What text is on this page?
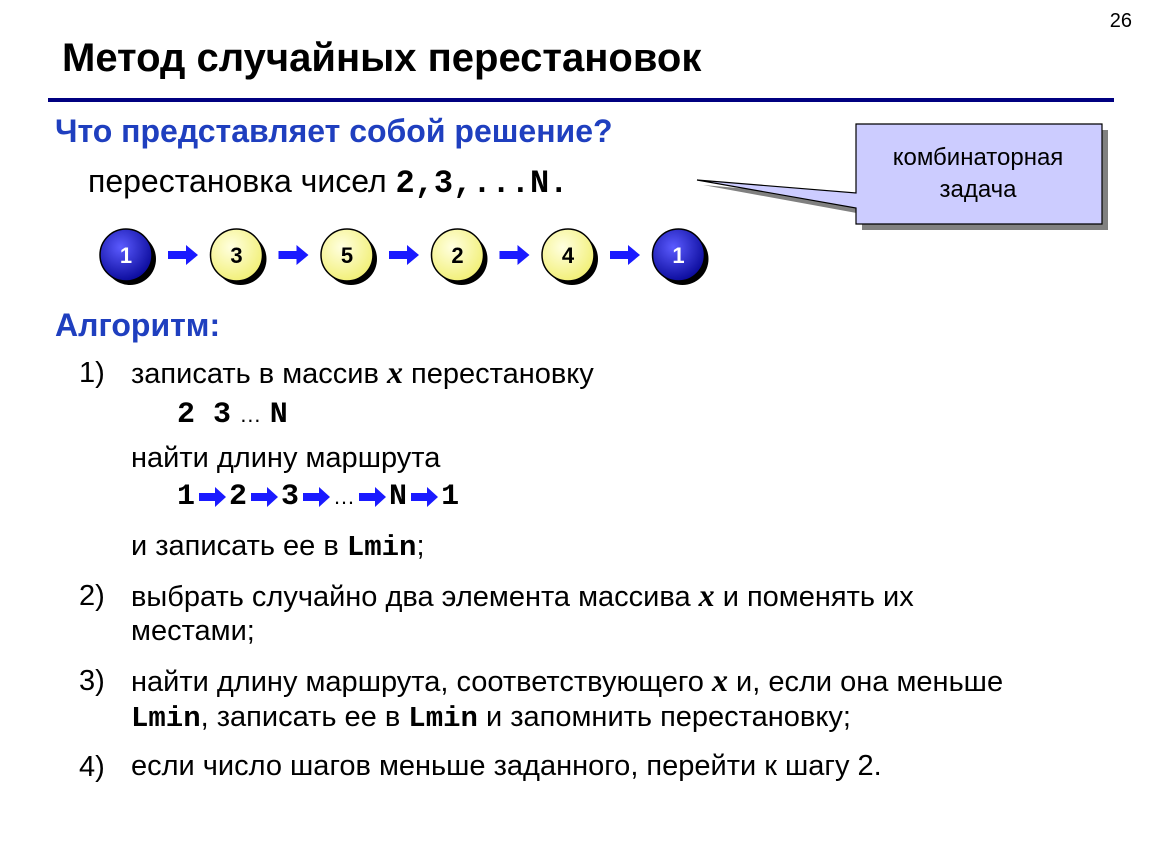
26
Метод случайных перестановок
Что представляет собой решение?
перестановка чисел 2,3,...N.
комбинаторная
задача
1	3	5	2	4	1
Алгоритм:
1) записать в массив x перестановку
2 3 … N
найти длину маршрута
1 2 3 … N 1
и записать ее в Lmin;
2) выбрать случайно два элемента массива x и поменять их
местами;
3) найти длину маршрута, соответствующего x и, если она меньше
Lmin, записать ее в Lmin и запомнить перестановку;
4) если число шагов меньше заданного, перейти к шагу 2.
